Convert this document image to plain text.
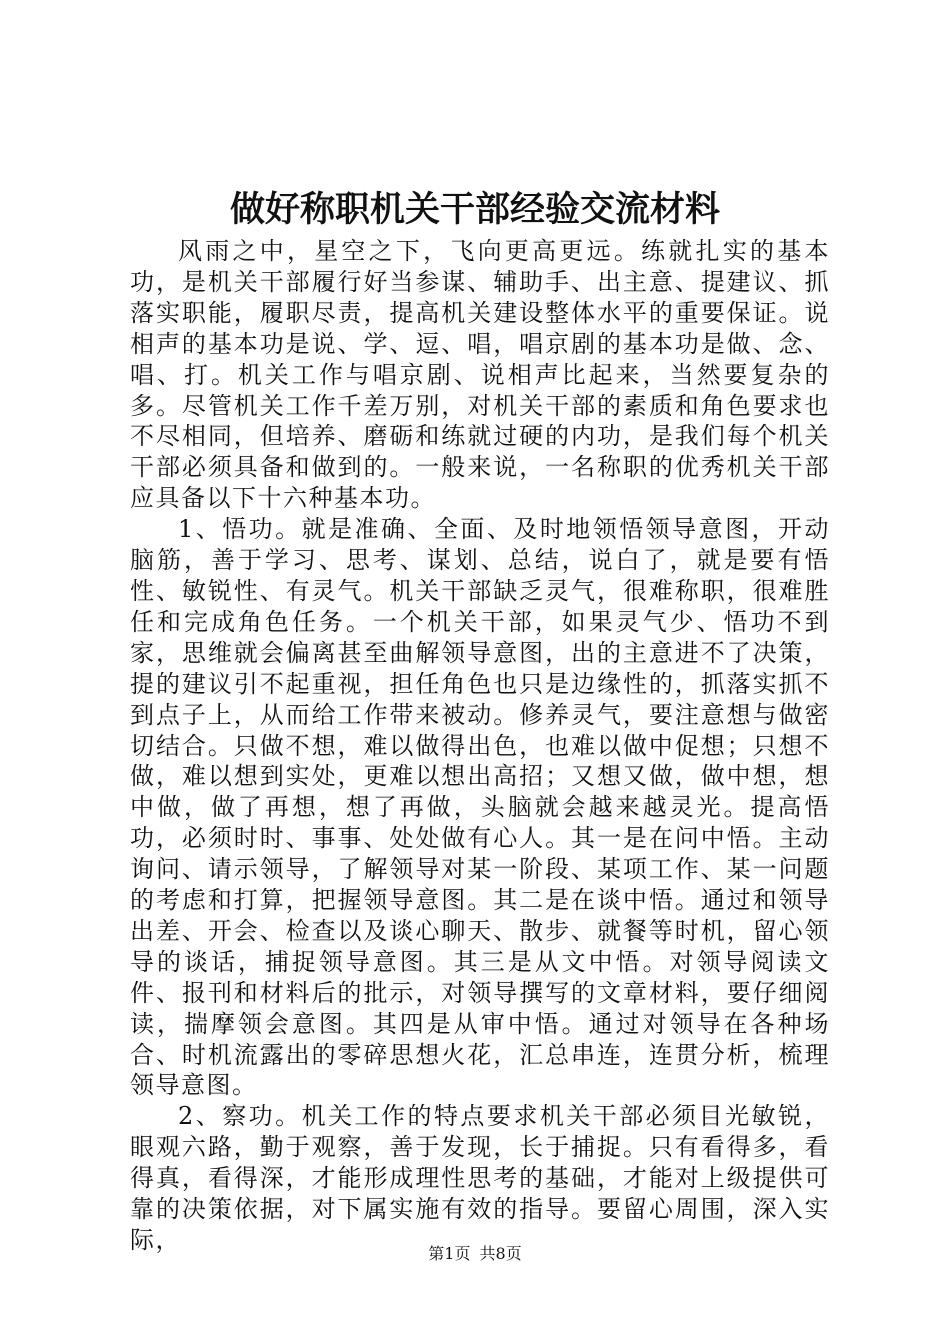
做好称职机关干部经验交流材料

风雨之中，星空之下，飞向更高更远。练就扎实的基本功，是机关干部履行好当参谋、辅助手、出主意、提建议、抓落实职能，履职尽责，提高机关建设整体水平的重要保证。说相声的基本功是说、学、逗、唱，唱京剧的基本功是做、念、唱、打。机关工作与唱京剧、说相声比起来，当然要复杂的多。尽管机关工作千差万别，对机关干部的素质和角色要求也不尽相同，但培养、磨砺和练就过硬的内功，是我们每个机关干部必须具备和做到的。一般来说，一名称职的优秀机关干部应具备以下十六种基本功。

1、悟功。就是准确、全面、及时地领悟领导意图，开动脑筋，善于学习、思考、谋划、总结，说白了，就是要有悟性、敏锐性、有灵气。机关干部缺乏灵气，很难称职，很难胜任和完成角色任务。一个机关干部，如果灵气少、悟功不到家，思维就会偏离甚至曲解领导意图，出的主意进不了决策，提的建议引不起重视，担任角色也只是边缘性的，抓落实抓不到点子上，从而给工作带来被动。修养灵气，要注意想与做密切结合。只做不想，难以做得出色，也难以做中促想；只想不做，难以想到实处，更难以想出高招；又想又做，做中想，想中做，做了再想，想了再做，头脑就会越来越灵光。提高悟功，必须时时、事事、处处做有心人。其一是在问中悟。主动询问、请示领导，了解领导对某一阶段、某项工作、某一问题的考虑和打算，把握领导意图。其二是在谈中悟。通过和领导出差、开会、检查以及谈心聊天、散步、就餐等时机，留心领导的谈话，捕捉领导意图。其三是从文中悟。对领导阅读文件、报刊和材料后的批示，对领导撰写的文章材料，要仔细阅读，揣摩领会意图。其四是从审中悟。通过对领导在各种场合、时机流露出的零碎思想火花，汇总串连，连贯分析，梳理领导意图。

2、察功。机关工作的特点要求机关干部必须目光敏锐，眼观六路，勤于观察，善于发现，长于捕捉。只有看得多，看得真，看得深，才能形成理性思考的基础，才能对上级提供可靠的决策依据，对下属实施有效的指导。要留心周围，深入实际，	第1页 共8页
